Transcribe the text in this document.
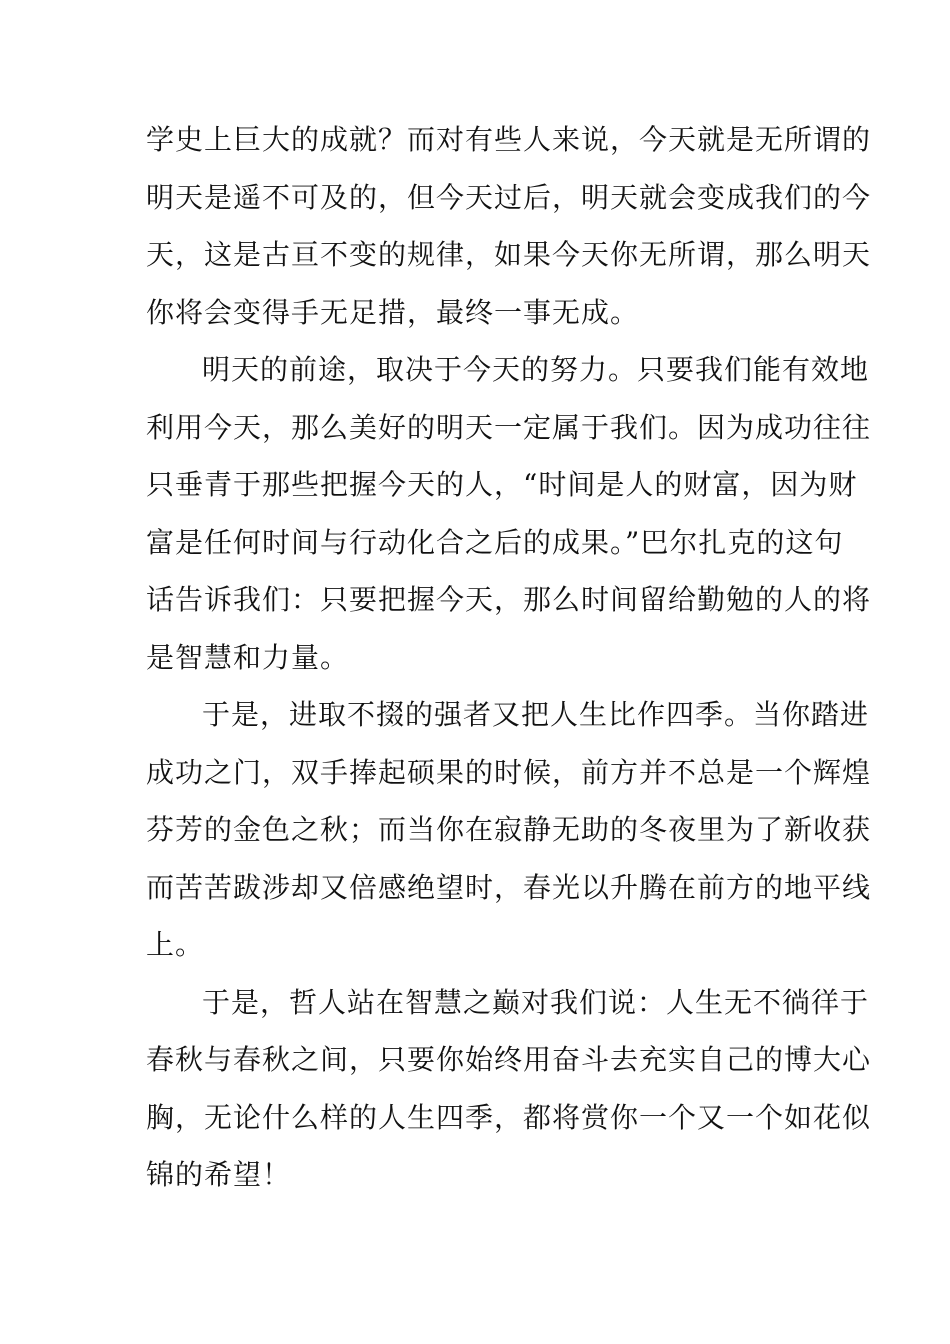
学史上巨大的成就？而对有些人来说，今天就是无所谓的
明天是遥不可及的，但今天过后，明天就会变成我们的今
天，这是古亘不变的规律，如果今天你无所谓，那么明天
你将会变得手无足措，最终一事无成。
明天的前途，取决于今天的努力。只要我们能有效地
利用今天，那么美好的明天一定属于我们。因为成功往往
只垂青于那些把握今天的人，“时间是人的财富，因为财
富是任何时间与行动化合之后的成果。”巴尔扎克的这句
话告诉我们：只要把握今天，那么时间留给勤勉的人的将
是智慧和力量。
于是，进取不掇的强者又把人生比作四季。当你踏进
成功之门，双手捧起硕果的时候，前方并不总是一个辉煌
芬芳的金色之秋；而当你在寂静无助的冬夜里为了新收获
而苦苦跋涉却又倍感绝望时，春光以升腾在前方的地平线
上。
于是，哲人站在智慧之巅对我们说：人生无不徜徉于
春秋与春秋之间，只要你始终用奋斗去充实自己的博大心
胸，无论什么样的人生四季，都将赏你一个又一个如花似
锦的希望！
